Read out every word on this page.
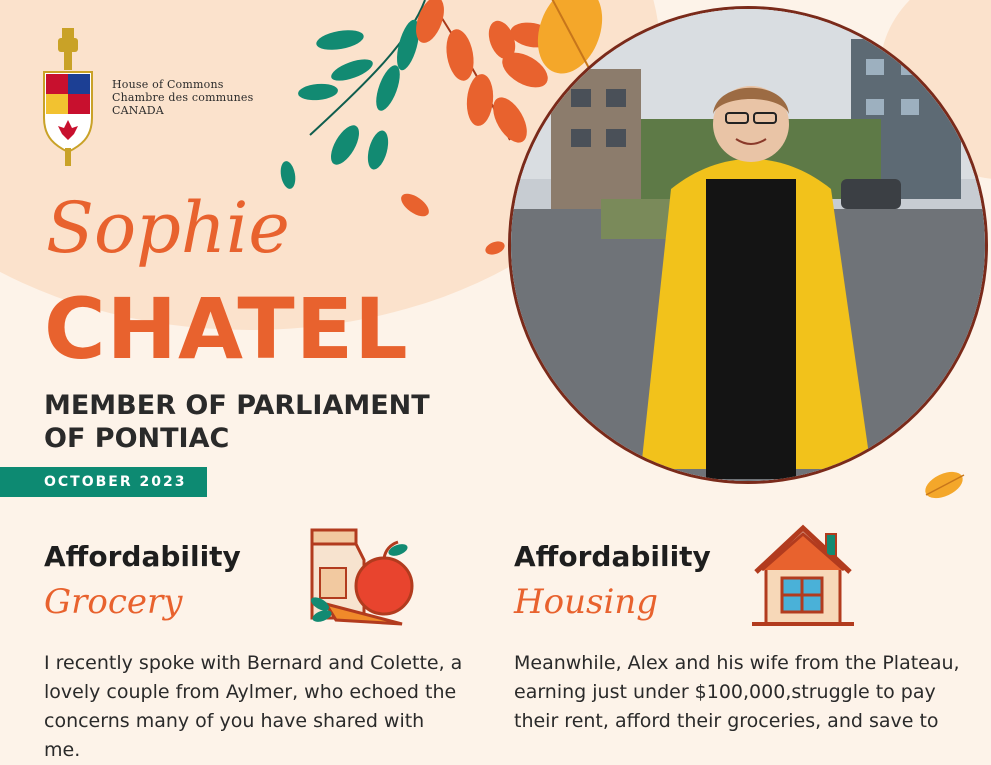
House of Commons
Chambre des communes
CANADA
Sophie
CHATEL
MEMBER OF PARLIAMENT
OF PONTIAC
OCTOBER 2023
Affordability
Grocery
I recently spoke with Bernard and Colette, a
lovely couple from Aylmer, who echoed the
concerns many of you have shared with me.
Affordability
Housing
Meanwhile, Alex and his wife from the Plateau,
earning just under $100,000,struggle to pay
their rent, afford their groceries, and save to
